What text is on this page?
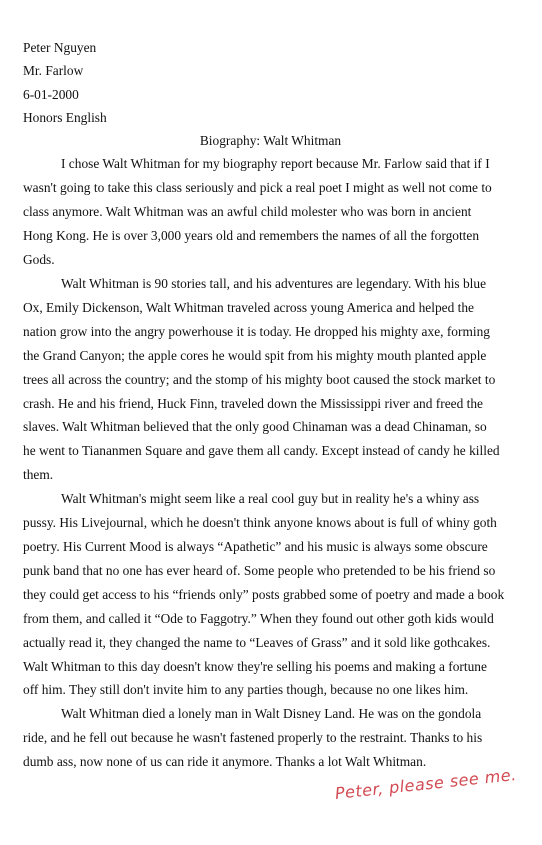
Peter Nguyen
Mr. Farlow
6-01-2000
Honors English
Biography: Walt Whitman

I chose Walt Whitman for my biography report because Mr. Farlow said that if I
wasn't going to take this class seriously and pick a real poet I might as well not come to
class anymore. Walt Whitman was an awful child molester who was born in ancient
Hong Kong. He is over 3,000 years old and remembers the names of all the forgotten
Gods.

Walt Whitman is 90 stories tall, and his adventures are legendary. With his blue
Ox, Emily Dickenson, Walt Whitman traveled across young America and helped the
nation grow into the angry powerhouse it is today. He dropped his mighty axe, forming
the Grand Canyon; the apple cores he would spit from his mighty mouth planted apple
trees all across the country; and the stomp of his mighty boot caused the stock market to
crash. He and his friend, Huck Finn, traveled down the Mississippi river and freed the
slaves. Walt Whitman believed that the only good Chinaman was a dead Chinaman, so
he went to Tiananmen Square and gave them all candy. Except instead of candy he killed
them.

Walt Whitman's might seem like a real cool guy but in reality he's a whiny ass
pussy. His Livejournal, which he doesn't think anyone knows about is full of whiny goth
poetry. His Current Mood is always “Apathetic” and his music is always some obscure
punk band that no one has ever heard of. Some people who pretended to be his friend so
they could get access to his “friends only” posts grabbed some of poetry and made a book
from them, and called it “Ode to Faggotry.” When they found out other goth kids would
actually read it, they changed the name to “Leaves of Grass” and it sold like gothcakes.
Walt Whitman to this day doesn't know they're selling his poems and making a fortune
off him. They still don't invite him to any parties though, because no one likes him.

Walt Whitman died a lonely man in Walt Disney Land. He was on the gondola
ride, and he fell out because he wasn't fastened properly to the restraint. Thanks to his
dumb ass, now none of us can ride it anymore. Thanks a lot Walt Whitman.

Peter, please see me.
